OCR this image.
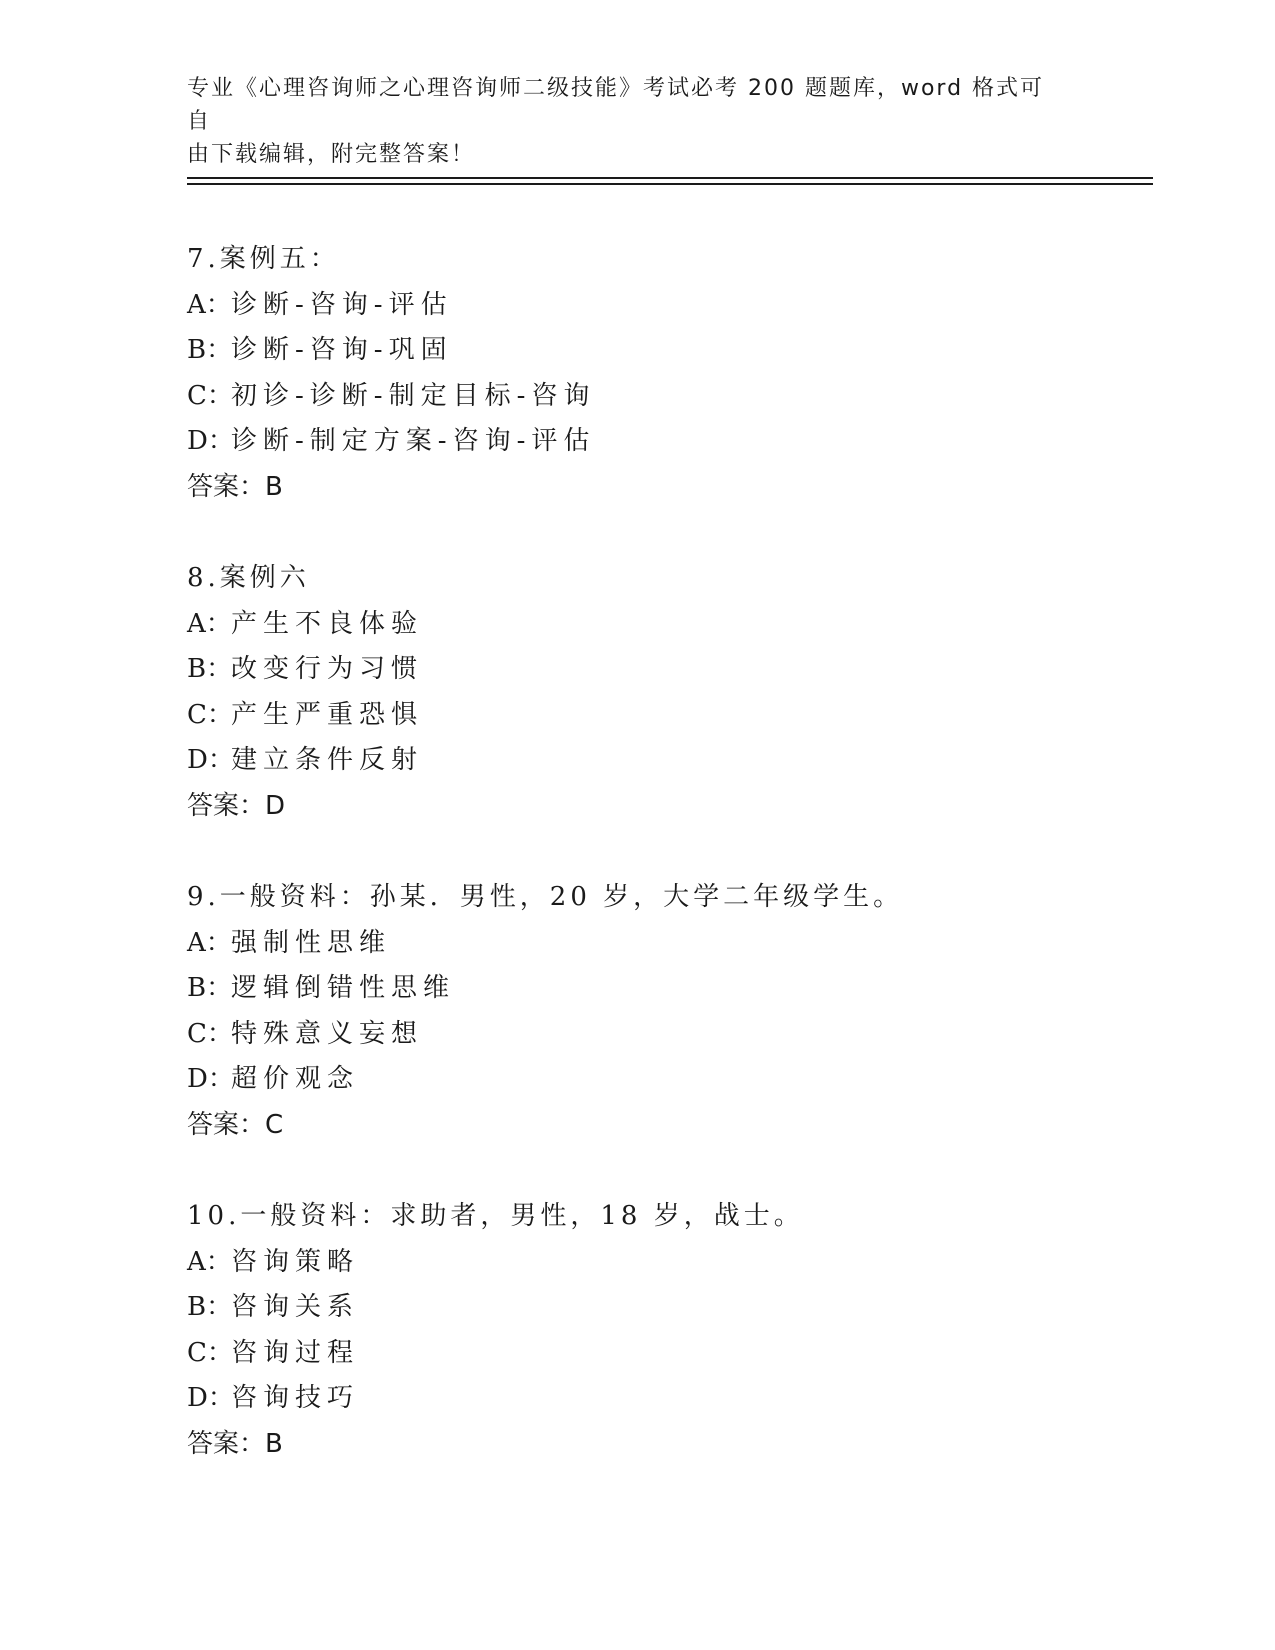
专业《心理咨询师之心理咨询师二级技能》考试必考 200 题题库，word 格式可自
由下载编辑，附完整答案！
7.案例五：
A：诊断-咨询-评估
B：诊断-咨询-巩固
C：初诊-诊断-制定目标-咨询
D：诊断-制定方案-咨询-评估
答案：B
8.案例六
A：产生不良体验
B：改变行为习惯
C：产生严重恐惧
D：建立条件反射
答案：D
9.一般资料：孙某．男性，20 岁，大学二年级学生。
A：强制性思维
B：逻辑倒错性思维
C：特殊意义妄想
D：超价观念
答案：C
10.一般资料：求助者，男性，18 岁，战士。
A：咨询策略
B：咨询关系
C：咨询过程
D：咨询技巧
答案：B
